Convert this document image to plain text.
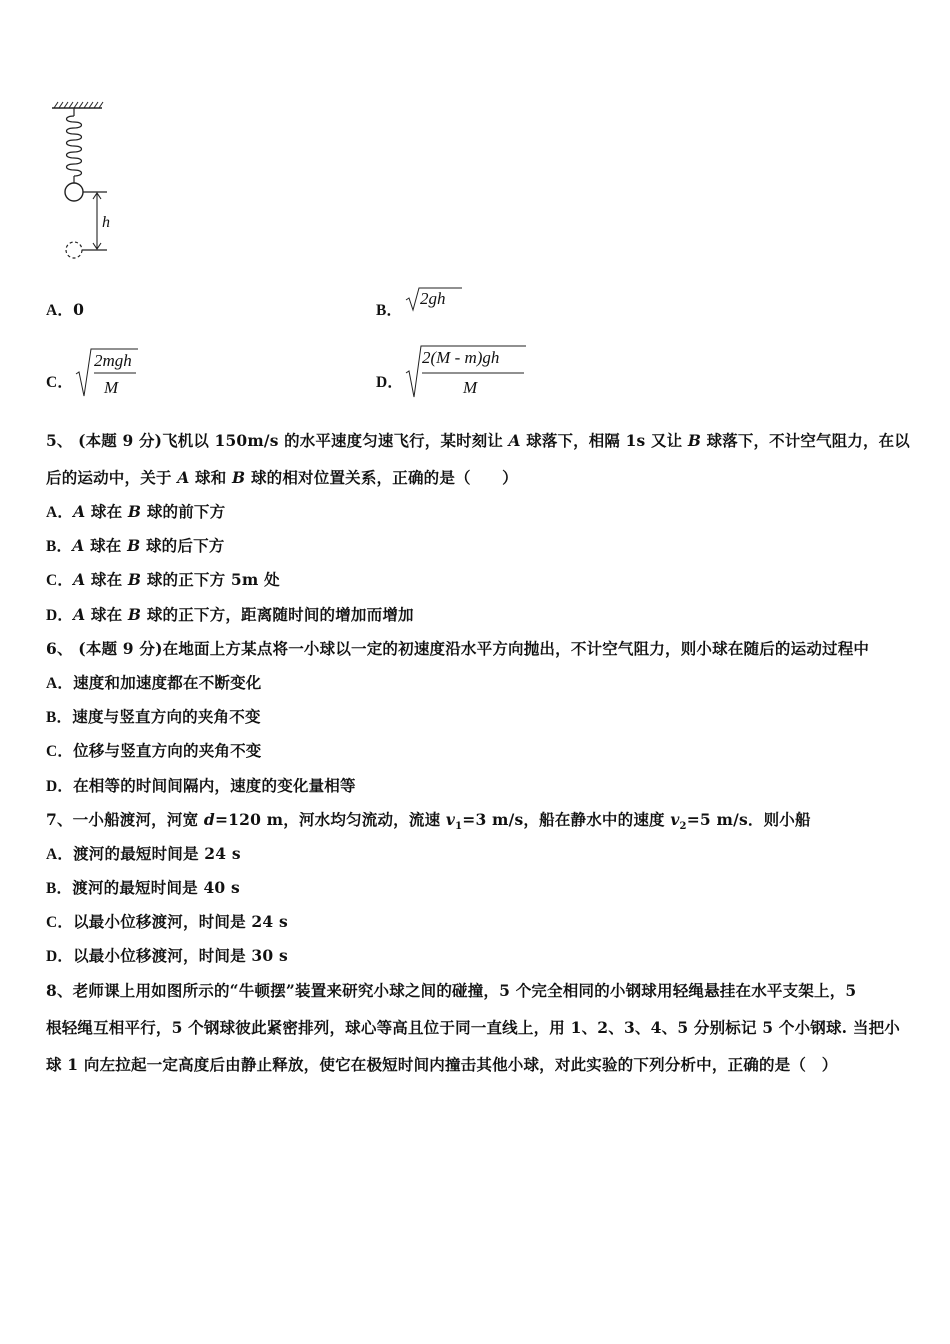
h
A．0	B．
2gh
C．
2mgh
M	D．
2(M - m)gh
M
5、 (本题 9 分)飞机以 150m/s 的水平速度匀速飞行，某时刻让 A 球落下，相隔 1s 又让 B 球落下，不计空气阻力，在以
后的运动中，关于 A 球和 B 球的相对位置关系，正确的是（　　）
A．A 球在 B 球的前下方
B．A 球在 B 球的后下方
C．A 球在 B 球的正下方 5m 处
D．A 球在 B 球的正下方，距离随时间的增加而增加
6、 (本题 9 分)在地面上方某点将一小球以一定的初速度沿水平方向抛出，不计空气阻力，则小球在随后的运动过程中
A．速度和加速度都在不断变化
B．速度与竖直方向的夹角不变
C．位移与竖直方向的夹角不变
D．在相等的时间间隔内，速度的变化量相等
7、一小船渡河，河宽 d=120 m，河水均匀流动，流速 $v_1=3$ m/s，船在静水中的速度 $v_2=5$ m/s．则小船
A．渡河的最短时间是 24 s
B．渡河的最短时间是 40 s
C．以最小位移渡河，时间是 24 s
D．以最小位移渡河，时间是 30 s
8、老师课上用如图所示的“牛顿摆”装置来研究小球之间的碰撞，5 个完全相同的小钢球用轻绳悬挂在水平支架上，5
根轻绳互相平行，5 个钢球彼此紧密排列，球心等高且位于同一直线上，用 1、2、3、4、5 分别标记 5 个小钢球. 当把小
球 1 向左拉起一定高度后由静止释放，使它在极短时间内撞击其他小球，对此实验的下列分析中，正确的是（　）
